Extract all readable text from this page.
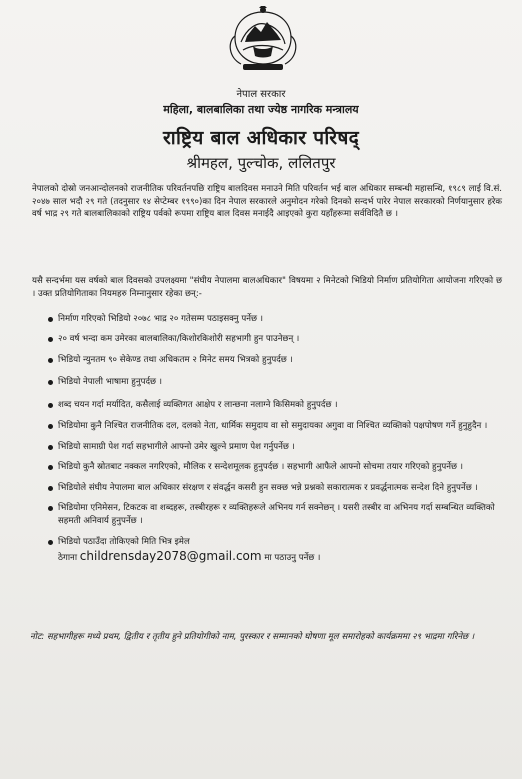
नेपाल सरकार
महिला, बालबालिका तथा ज्येष्ठ नागरिक मन्त्रालय
राष्ट्रिय बाल अधिकार परिषद्
श्रीमहल, पुल्चोक, ललितपुर
नेपालको दोस्रो जनआन्दोलनको राजनीतिक परिवर्तनपछि राष्ट्रिय बालदिवस मनाउने मिति परिवर्तन भई बाल अधिकार सम्बन्धी महासन्धि, १९८९ लाई वि.सं. २०४७ साल भदौ २९ गते (तदनुसार १४ सेप्टेम्बर १९९०)का दिन नेपाल सरकारले अनुमोदन गरेको दिनको सन्दर्भ पारेर नेपाल सरकारको निर्णयानुसार हरेक वर्ष भाद्र २९ गते बालबालिकाको राष्ट्रिय पर्वको रूपमा राष्ट्रिय बाल दिवस मनाईदै आइएको कुरा यहाँहरूमा सर्वविदितै छ ।
यसै सन्दर्भमा यस वर्षको बाल दिवसको उपलक्ष्यमा "संघीय नेपालमा बालअधिकार" विषयमा २ मिनेटको भिडियो निर्माण प्रतियोगिता आयोजना गरिएको छ । उक्त प्रतियोगिताका नियमहरु निम्नानुसार रहेका छन्:-
निर्माण गरिएको भिडियो २०७८ भाद्र २० गतेसम्म पठाइसक्नु पर्नेछ ।
२० वर्ष भन्दा कम उमेरका बालबालिका/किशोरकिशोरी सहभागी हुन पाउनेछन् ।
भिडियो न्युनतम ९० सेकेण्ड तथा अधिकतम २ मिनेट समय भित्रको हुनुपर्दछ ।
भिडियो नेपाली भाषामा हुनुपर्दछ ।
शब्द चयन गर्दा मर्यादित, कसैलाई व्यक्तिगत आक्षेप र लान्छना नलाग्ने किसिमको हुनुपर्दछ ।
भिडियोमा कुनै निश्चित राजनीतिक दल, दलको नेता, धार्मिक समुदाय वा सो समुदायका अगुवा वा निश्चित व्यक्तिको पक्षपोषण गर्ने हुनुहुदैन ।
भिडियो सामाग्री पेश गर्दा सहभागीले आफ्नो उमेर खुल्ने प्रमाण पेश गर्नुपर्नेछ ।
भिडियो कुनै स्रोतबाट नक्कल नगरिएको, मौलिक र सन्देशमूलक हुनुपर्दछ । सहभागी आफैले आफ्नो सोचमा तयार गरिएको हुनुपर्नेछ ।
भिडियोले संघीय नेपालमा बाल अधिकार संरक्षण र संवर्द्धन कसरी हुन सक्छ भन्ने प्रश्नको सकारात्मक र प्रवर्द्धनात्मक सन्देश दिने हुनुपर्नेछ ।
भिडियोमा एनिमेसन, टिकटक वा शब्दहरू, तस्बीरहरू र व्यक्तिहरूले अभिनय गर्न सक्नेछन् । यसरी तस्बीर वा अभिनय गर्दा सम्बन्धित व्यक्तिको सहमती अनिवार्य हुनुपर्नेछ ।
भिडियो पठाउँदा तोकिएको मिति भित्र इमेल
ठेगाना childrensday2078@gmail.com मा पठाउनु पर्नेछ ।
नोट: सहभागीहरू मध्ये प्रथम, द्वितीय र तृतीय हुने प्रतियोगीको नाम, पुरस्कार र सम्मानको घोषणा मूल समारोहको कार्यक्रममा २९ भाद्रमा गरिनेछ ।
